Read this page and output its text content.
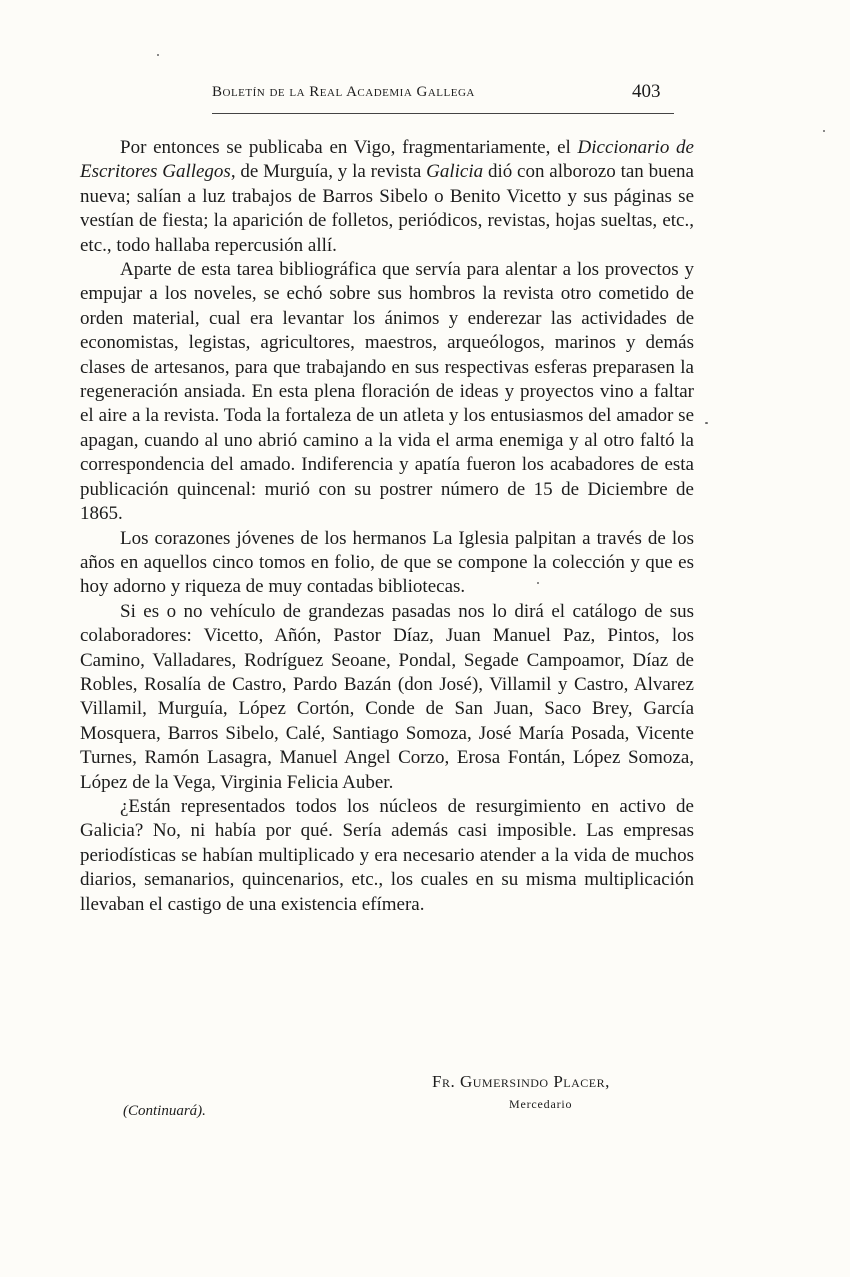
Boletín de la Real Academia Gallega	403

Por entonces se publicaba en Vigo, fragmentariamente, el Diccionario de Escritores Gallegos, de Murguía, y la revista Galicia dió con alborozo tan buena nueva; salían a luz trabajos de Barros Sibelo o Benito Vicetto y sus páginas se vestían de fiesta; la aparición de folletos, periódicos, revistas, hojas sueltas, etc., etc., todo hallaba repercusión allí.

Aparte de esta tarea bibliográfica que servía para alentar a los provectos y empujar a los noveles, se echó sobre sus hombros la revista otro cometido de orden material, cual era levantar los ánimos y enderezar las actividades de economistas, legistas, agricultores, maestros, arqueólogos, marinos y demás clases de artesanos, para que trabajando en sus respectivas esferas preparasen la regeneración ansiada. En esta plena floración de ideas y proyectos vino a faltar el aire a la revista. Toda la fortaleza de un atleta y los entusiasmos del amador se apagan, cuando al uno abrió camino a la vida el arma enemiga y al otro faltó la correspondencia del amado. Indiferencia y apatía fueron los acabadores de esta publicación quincenal: murió con su postrer número de 15 de Diciembre de 1865.

Los corazones jóvenes de los hermanos La Iglesia palpitan a través de los años en aquellos cinco tomos en folio, de que se compone la colección y que es hoy adorno y riqueza de muy contadas bibliotecas.

Si es o no vehículo de grandezas pasadas nos lo dirá el catálogo de sus colaboradores: Vicetto, Añón, Pastor Díaz, Juan Manuel Paz, Pintos, los Camino, Valladares, Rodríguez Seoane, Pondal, Segade Campoamor, Díaz de Robles, Rosalía de Castro, Pardo Bazán (don José), Villamil y Castro, Alvarez Villamil, Murguía, López Cortón, Conde de San Juan, Saco Brey, García Mosquera, Barros Sibelo, Calé, Santiago Somoza, José María Posada, Vicente Turnes, Ramón Lasagra, Manuel Angel Corzo, Erosa Fontán, López Somoza, López de la Vega, Virginia Felicia Auber.

¿Están representados todos los núcleos de resurgimiento en activo de Galicia? No, ni había por qué. Sería además casi imposible. Las empresas periodísticas se habían multiplicado y era necesario atender a la vida de muchos diarios, semanarios, quincenarios, etc., los cuales en su misma multiplicación llevaban el castigo de una existencia efímera.

Fr. Gumersindo Placer,
Mercedario
(Continuará).
